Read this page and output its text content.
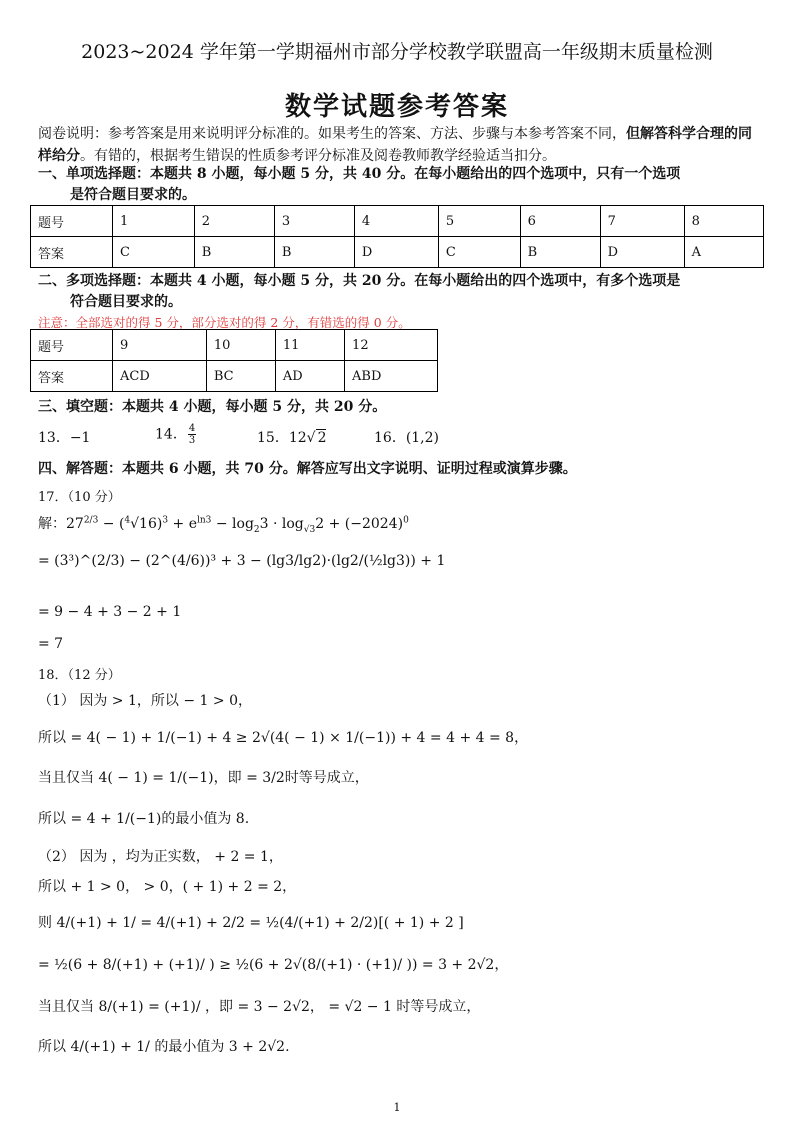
2023~2024 学年第一学期福州市部分学校教学联盟高一年级期末质量检测
数学试题参考答案
阅卷说明：参考答案是用来说明评分标准的。如果考生的答案、方法、步骤与本参考答案不同，但解答科学合理的同样给分。有错的，根据考生错误的性质参考评分标准及阅卷教师教学经验适当扣分。
一、单项选择题：本题共 8 小题，每小题 5 分，共 40 分。在每小题给出的四个选项中，只有一个选项
是符合题目要求的。
题号	1	2	3	4	5	6	7	8
答案	C	B	B	D	C	B	D	A
二、多项选择题：本题共 4 小题，每小题 5 分，共 20 分。在每小题给出的四个选项中，有多个选项是
符合题目要求的。
注意：全部选对的得 5 分，部分选对的得 2 分，有错选的得 0 分。
题号	9	10	11	12
答案	ACD	BC	AD	ABD
三、填空题：本题共 4 小题，每小题 5 分，共 20 分。
13．−1	14． $\frac{4}{3}$	15．12√ 2	16．(1,2)
四、解答题：本题共 6 小题，共 70 分。解答应写出文字说明、证明过程或演算步骤。
17．（10 分）
解：$27^{2/3} - (^4√16)^3 + e^{ln3} - \log_23 \cdot \log_{√3}2 + (-2024)^0$
= (3³)^(2/3) − (2^(4/6))³ + 3 − (lg3/lg2)·(lg2/(½lg3)) + 1
= 9 − 4 + 3 − 2 + 1
= 7
18．（12 分）
（1） 因为 > 1，所以 − 1 > 0，
所以 = 4( − 1) + 1/(−1) + 4 ≥ 2√(4( − 1) × 1/(−1)) + 4 = 4 + 4 = 8，
当且仅当 4( − 1) = 1/(−1)，即 = 3/2时等号成立，
所以 = 4 + 1/(−1)的最小值为 8.
（2） 因为 ，均为正实数， + 2 = 1，
所以 + 1 > 0， > 0，( + 1) + 2 = 2，
则 4/(+1) + 1/ = 4/(+1) + 2/2 = ½(4/(+1) + 2/2)[( + 1) + 2 ]
= ½(6 + 8/(+1) + (+1)/ ) ≥ ½(6 + 2√(8/(+1) · (+1)/ )) = 3 + 2√2，
当且仅当 8/(+1) = (+1)/ ，即 = 3 − 2√2， = √2 − 1 时等号成立，
所以 4/(+1) + 1/ 的最小值为 3 + 2√2.
1
